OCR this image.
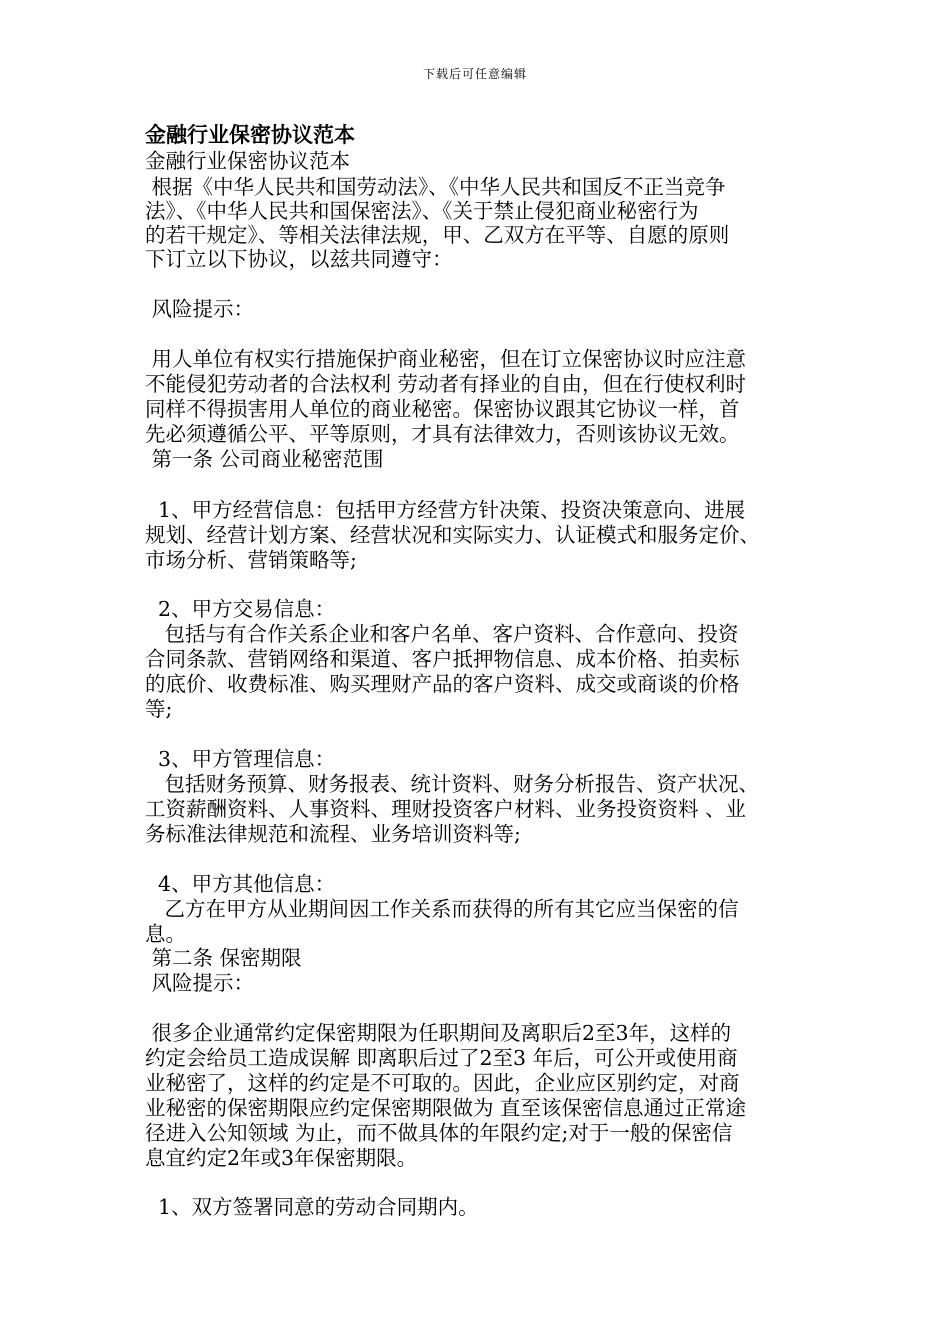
下载后可任意编辑
金融行业保密协议范本
金融行业保密协议范本
根据《中华人民共和国劳动法》、《中华人民共和国反不正当竞争
法》、《中华人民共和国保密法》、《关于禁止侵犯商业秘密行为
的若干规定》、等相关法律法规，甲、乙双方在平等、自愿的原则
下订立以下协议，以兹共同遵守：
风险提示：
用人单位有权实行措施保护商业秘密，但在订立保密协议时应注意
不能侵犯劳动者的合法权利 劳动者有择业的自由，但在行使权利时
同样不得损害用人单位的商业秘密。保密协议跟其它协议一样，首
先必须遵循公平、平等原则，才具有法律效力，否则该协议无效。
第一条 公司商业秘密范围
1、甲方经营信息：包括甲方经营方针决策、投资决策意向、进展
规划、经营计划方案、经营状况和实际实力、认证模式和服务定价、
市场分析、营销策略等;
2、甲方交易信息：
包括与有合作关系企业和客户名单、客户资料、合作意向、投资
合同条款、营销网络和渠道、客户抵押物信息、成本价格、拍卖标
的底价、收费标准、购买理财产品的客户资料、成交或商谈的价格
等;
3、甲方管理信息：
包括财务预算、财务报表、统计资料、财务分析报告、资产状况、
工资薪酬资料、人事资料、理财投资客户材料、业务投资资料 、业
务标准法律规范和流程、业务培训资料等;
4、甲方其他信息：
乙方在甲方从业期间因工作关系而获得的所有其它应当保密的信
息。
第二条 保密期限
风险提示：
很多企业通常约定保密期限为任职期间及离职后2至3年，这样的
约定会给员工造成误解 即离职后过了2至3 年后，可公开或使用商
业秘密了，这样的约定是不可取的。因此，企业应区别约定，对商
业秘密的保密期限应约定保密期限做为 直至该保密信息通过正常途
径进入公知领域 为止，而不做具体的年限约定;对于一般的保密信
息宜约定2年或3年保密期限。
1、双方签署同意的劳动合同期内。
